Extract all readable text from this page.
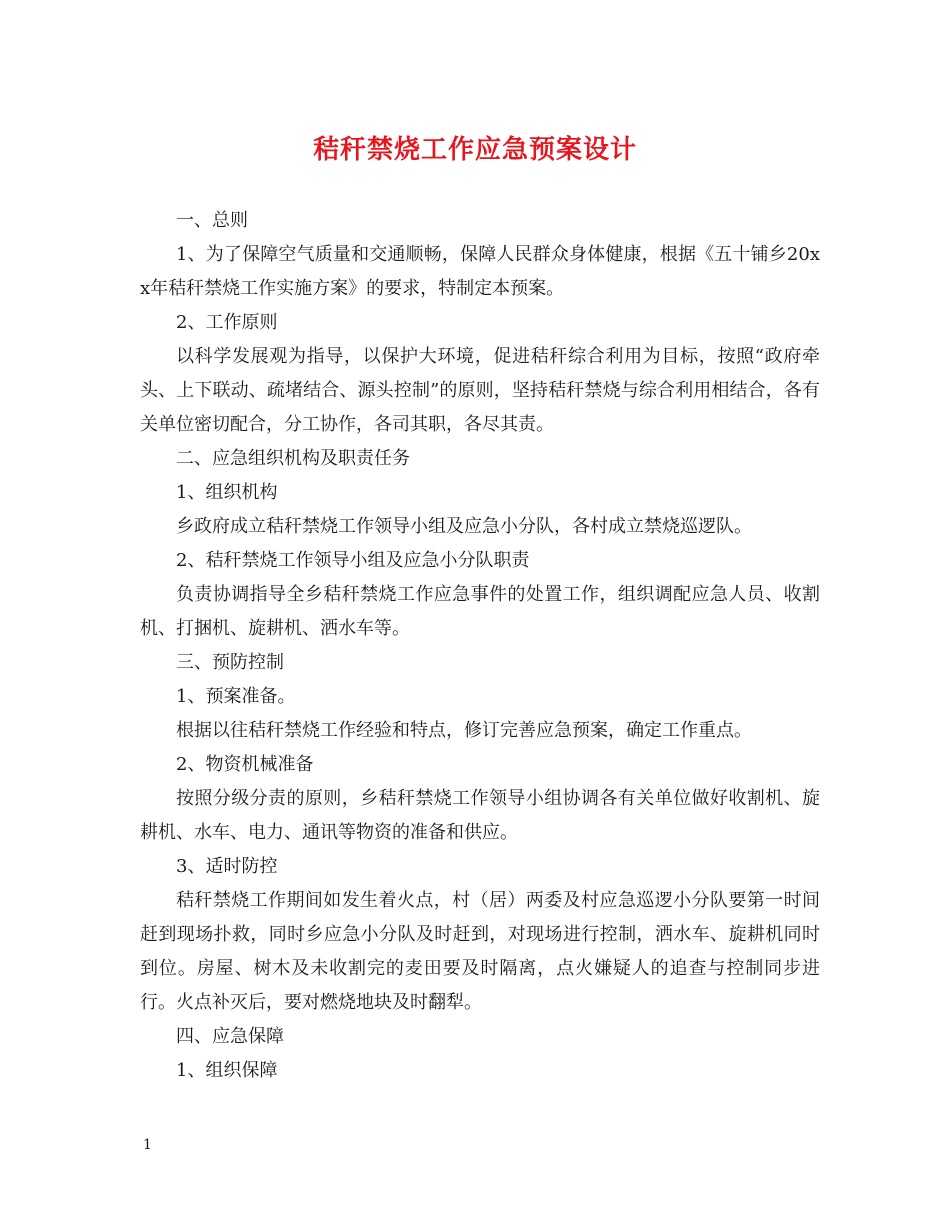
秸秆禁烧工作应急预案设计

一、总则

1、为了保障空气质量和交通顺畅，保障人民群众身体健康，根据《五十铺乡20xx年秸秆禁烧工作实施方案》的要求，特制定本预案。

2、工作原则

以科学发展观为指导，以保护大环境，促进秸秆综合利用为目标，按照“政府牵头、上下联动、疏堵结合、源头控制”的原则，坚持秸秆禁烧与综合利用相结合，各有关单位密切配合，分工协作，各司其职，各尽其责。

二、应急组织机构及职责任务

1、组织机构

乡政府成立秸秆禁烧工作领导小组及应急小分队，各村成立禁烧巡逻队。

2、秸秆禁烧工作领导小组及应急小分队职责

负责协调指导全乡秸秆禁烧工作应急事件的处置工作，组织调配应急人员、收割机、打捆机、旋耕机、洒水车等。

三、预防控制

1、预案准备。

根据以往秸秆禁烧工作经验和特点，修订完善应急预案，确定工作重点。

2、物资机械准备

按照分级分责的原则，乡秸秆禁烧工作领导小组协调各有关单位做好收割机、旋耕机、水车、电力、通讯等物资的准备和供应。

3、适时防控

秸秆禁烧工作期间如发生着火点，村（居）两委及村应急巡逻小分队要第一时间赶到现场扑救，同时乡应急小分队及时赶到，对现场进行控制，洒水车、旋耕机同时到位。房屋、树木及未收割完的麦田要及时隔离，点火嫌疑人的追查与控制同步进行。火点补灭后，要对燃烧地块及时翻犁。

四、应急保障

1、组织保障

1
